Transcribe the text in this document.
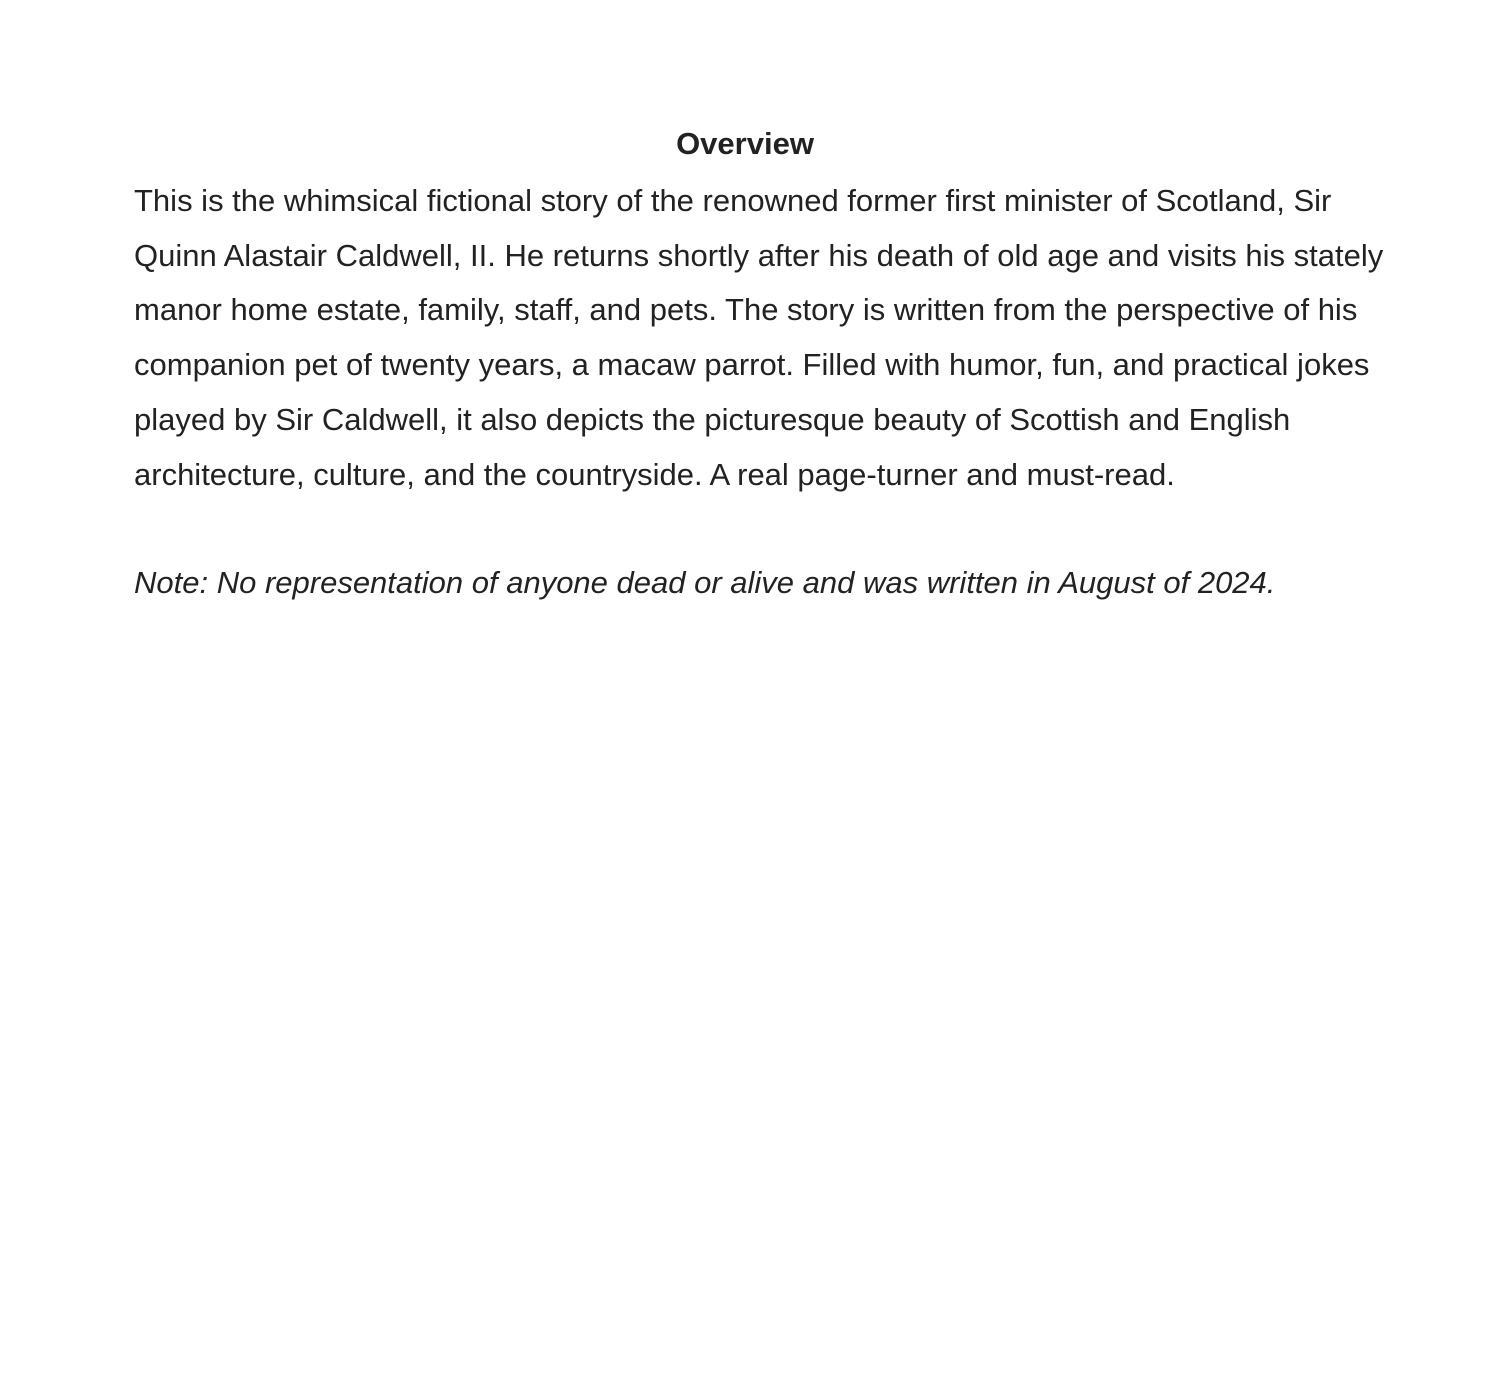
Overview

This is the whimsical fictional story of the renowned former first minister of Scotland, Sir Quinn Alastair Caldwell, II. He returns shortly after his death of old age and visits his stately manor home estate, family, staff, and pets. The story is written from the perspective of his companion pet of twenty years, a macaw parrot. Filled with humor, fun, and practical jokes played by Sir Caldwell, it also depicts the picturesque beauty of Scottish and English architecture, culture, and the countryside. A real page-turner and must-read.

Note: No representation of anyone dead or alive and was written in August of 2024.
